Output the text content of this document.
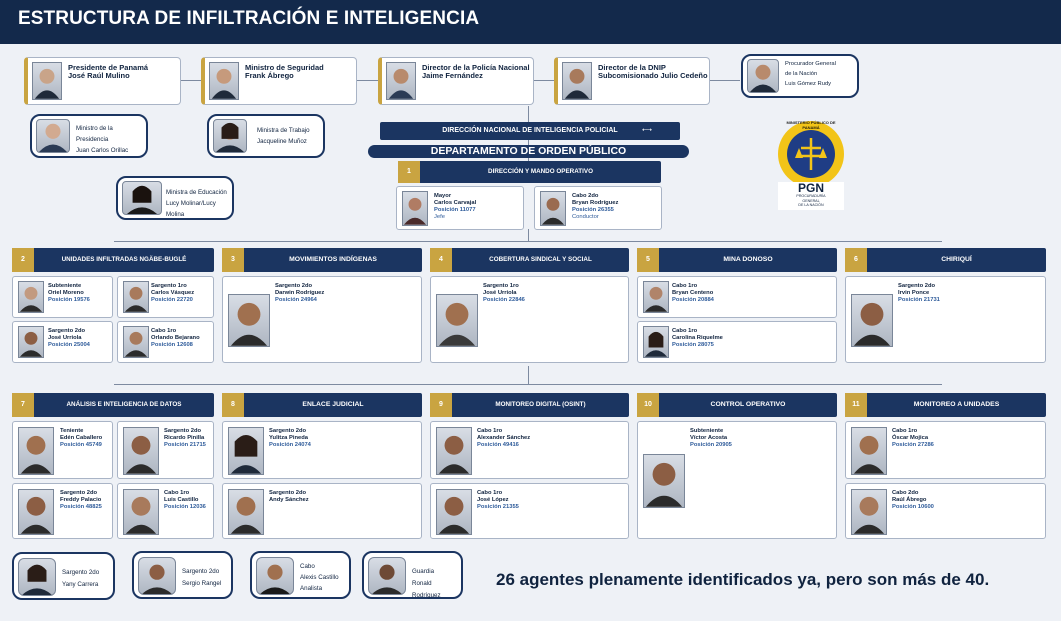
ESTRUCTURA DE INFILTRACIÓN E INTELIGENCIA
Presidente de Panamá
José Raúl Mulino
Ministro de Seguridad
Frank Ábrego
Director de la Policía Nacional
Jaime Fernández
Director de la DNIP
Subcomisionado Julio Cedeño
Procurador General
de la Nación
Luis Gómez Rudy
Ministro de la Presidencia
Juan Carlos Orillac
Ministra de Trabajo
Jacqueline Muñoz
Ministra de Educación
Lucy Molinar/Lucy Molina
DIRECCIÓN NACIONAL DE INTELIGENCIA POLICIAL	⟷
DEPARTAMENTO DE ORDEN PÚBLICO
1	DIRECCIÓN Y MANDO OPERATIVO
Mayor
Carlos Carvajal
Posición 11077
Jefe
Cabo 2do
Bryan Rodríguez
Posición 26355
Conductor
MINISTERIO PÚBLICO DE PANAMÁ
PGN
PROCURADURÍA
GENERAL
DE LA NACIÓN
2	UNIDADES INFILTRADAS NGÄBE-BUGLÉ	3	MOVIMIENTOS INDÍGENAS	4	COBERTURA SINDICAL Y SOCIAL	5	MINA DONOSO	6	CHIRIQUÍ
Subteniente
Oriel Moreno
Posición 19576
Sargento 1ro
Carlos Vásquez
Posición 22720
Sargento 2do
José Urriola
Posición 25004
Cabo 1ro
Orlando Bejarano
Posición 12608
Sargento 2do
Darwin Rodríguez
Posición 24964
Sargento 1ro
José Urriola
Posición 22846
Cabo 1ro
Bryan Centeno
Posición 20884
Cabo 1ro
Carolina Riquelme
Posición 28075
Sargento 2do
Irvin Ponce
Posición 21731
7	ANÁLISIS E INTELIGENCIA DE DATOS	8	ENLACE JUDICIAL	9	MONITOREO DIGITAL (OSINT)	10	CONTROL OPERATIVO	11	MONITOREO A UNIDADES
Teniente
Edén Caballero
Posición 45749
Sargento 2do
Ricardo Pinilla
Posición 21715
Sargento 2do
Freddy Palacio
Posición 48825
Cabo 1ro
Luis Castillo
Posición 12036
Sargento 2do
Yulitza Pineda
Posición 24074
Sargento 2do
Andy Sánchez
Cabo 1ro
Alexander Sánchez
Posición 49416
Cabo 1ro
José López
Posición 21355
Subteniente
Víctor Acosta
Posición 20905
Cabo 1ro
Óscar Mojica
Posición 27286
Cabo 2do
Raúl Ábrego
Posición 10600
Sargento 2do
Yany Carrera
Sargento 2do
Sergio Rangel
Cabo
Alexis Castillo
Analista
Guardia
Ronald Rodríguez
26 agentes plenamente identificados ya, pero son más de 40.
